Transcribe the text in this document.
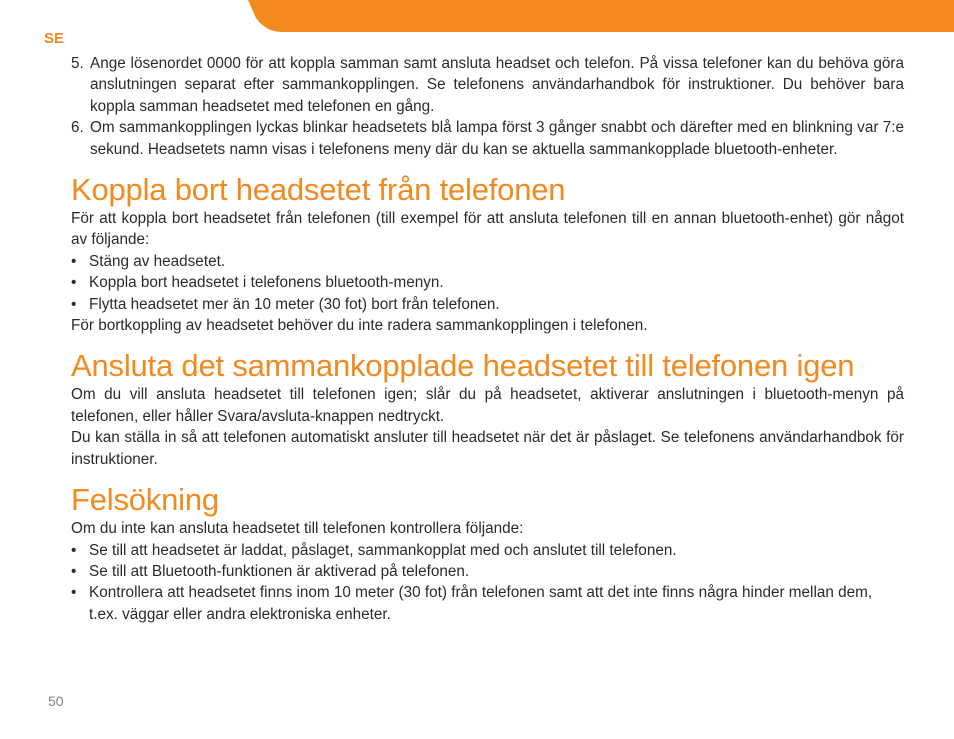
SE
5. Ange lösenordet 0000 för att koppla samman samt ansluta headset och telefon. På vissa telefoner kan du behöva göra anslutningen separat efter sammankopplingen. Se telefonens användarhandbok för instruktioner. Du behöver bara koppla samman headsetet med telefonen en gång.
6. Om sammankopplingen lyckas blinkar headsetets blå lampa först 3 gånger snabbt och därefter med en blinkning var 7:e sekund. Headsetets namn visas i telefonens meny där du kan se aktuella sammankopplade bluetooth-enheter.
Koppla bort headsetet från telefonen

För att koppla bort headsetet från telefonen (till exempel för att ansluta telefonen till en annan bluetooth-enhet) gör något av följande:

• Stäng av headsetet.
• Koppla bort headsetet i telefonens bluetooth-menyn.
• Flytta headsetet mer än 10 meter (30 fot) bort från telefonen.

För bortkoppling av headsetet behöver du inte radera sammankopplingen i telefonen.

Ansluta det sammankopplade headsetet till telefonen igen

Om du vill ansluta headsetet till telefonen igen; slår du på headsetet, aktiverar anslutningen i bluetooth-menyn på telefonen, eller håller Svara/avsluta-knappen nedtryckt.

Du kan ställa in så att telefonen automatiskt ansluter till headsetet när det är påslaget. Se telefonens användarhandbok för instruktioner.

Felsökning

Om du inte kan ansluta headsetet till telefonen kontrollera följande:

• Se till att headsetet är laddat, påslaget, sammankopplat med och anslutet till telefonen.
• Se till att Bluetooth-funktionen är aktiverad på telefonen.
• Kontrollera att headsetet finns inom 10 meter (30 fot) från telefonen samt att det inte finns några hinder mellan dem, t.ex. väggar eller andra elektroniska enheter.
50
